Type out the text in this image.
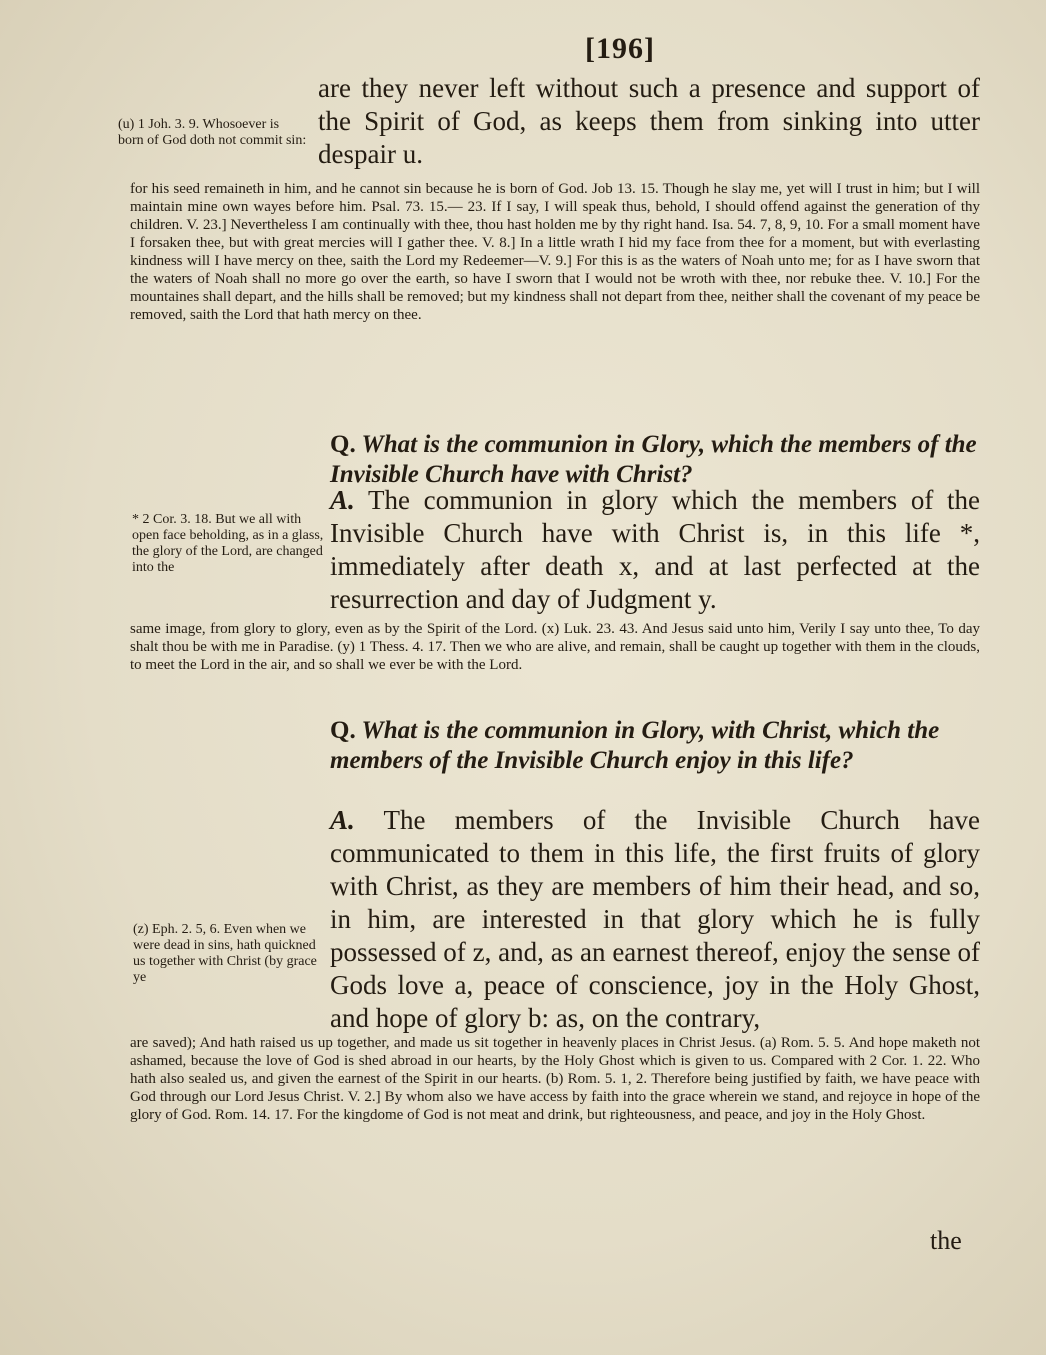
[196]
are they never left without such a presence and support of the Spirit of God, as keeps them from sinking into utter despair u.
(u) 1 Joh. 3. 9. Whosoever is born of God doth not commit sin:
for his seed remaineth in him, and he cannot sin because he is born of God. Job 13. 15. Though he slay me, yet will I trust in him; but I will maintain mine own wayes before him. Psal. 73. 15.— 23. If I say, I will speak thus, behold, I should offend against the generation of thy children. V. 23.] Nevertheless I am continually with thee, thou hast holden me by thy right hand. Isa. 54. 7, 8, 9, 10. For a small moment have I forsaken thee, but with great mercies will I gather thee. V. 8.] In a little wrath I hid my face from thee for a moment, but with everlasting kindness will I have mercy on thee, saith the Lord my Redeemer—V. 9.] For this is as the waters of Noah unto me; for as I have sworn that the waters of Noah shall no more go over the earth, so have I sworn that I would not be wroth with thee, nor rebuke thee. V. 10.] For the mountaines shall depart, and the hills shall be removed; but my kindness shall not depart from thee, neither shall the covenant of my peace be removed, saith the Lord that hath mercy on thee.
Q. What is the communion in Glory, which the members of the Invisible Church have with Christ?
A. The communion in glory which the members of the Invisible Church have with Christ is, in this life *, immediately after death x, and at last perfected at the resurrection and day of Judgment y.
* 2 Cor. 3. 18. But we all with open face beholding, as in a glass, the glory of the Lord, are changed into the
same image, from glory to glory, even as by the Spirit of the Lord. (x) Luk. 23. 43. And Jesus said unto him, Verily I say unto thee, To day shalt thou be with me in Paradise. (y) 1 Thess. 4. 17. Then we who are alive, and remain, shall be caught up together with them in the clouds, to meet the Lord in the air, and so shall we ever be with the Lord.
Q. What is the communion in Glory, with Christ, which the members of the Invisible Church enjoy in this life?
A. The members of the Invisible Church have communicated to them in this life, the first fruits of glory with Christ, as they are members of him their head, and so, in him, are interested in that glory which he is fully possessed of z, and, as an earnest thereof, enjoy the sense of Gods love a, peace of conscience, joy in the Holy Ghost, and hope of glory b: as, on the contrary,
(z) Eph. 2. 5, 6. Even when we were dead in sins, hath quickned us together with Christ (by grace ye
are saved); And hath raised us up together, and made us sit together in heavenly places in Christ Jesus. (a) Rom. 5. 5. And hope maketh not ashamed, because the love of God is shed abroad in our hearts, by the Holy Ghost which is given to us. Compared with 2 Cor. 1. 22. Who hath also sealed us, and given the earnest of the Spirit in our hearts. (b) Rom. 5. 1, 2. Therefore being justified by faith, we have peace with God through our Lord Jesus Christ. V. 2.] By whom also we have access by faith into the grace wherein we stand, and rejoyce in hope of the glory of God. Rom. 14. 17. For the kingdome of God is not meat and drink, but righteousness, and peace, and joy in the Holy Ghost.
the
